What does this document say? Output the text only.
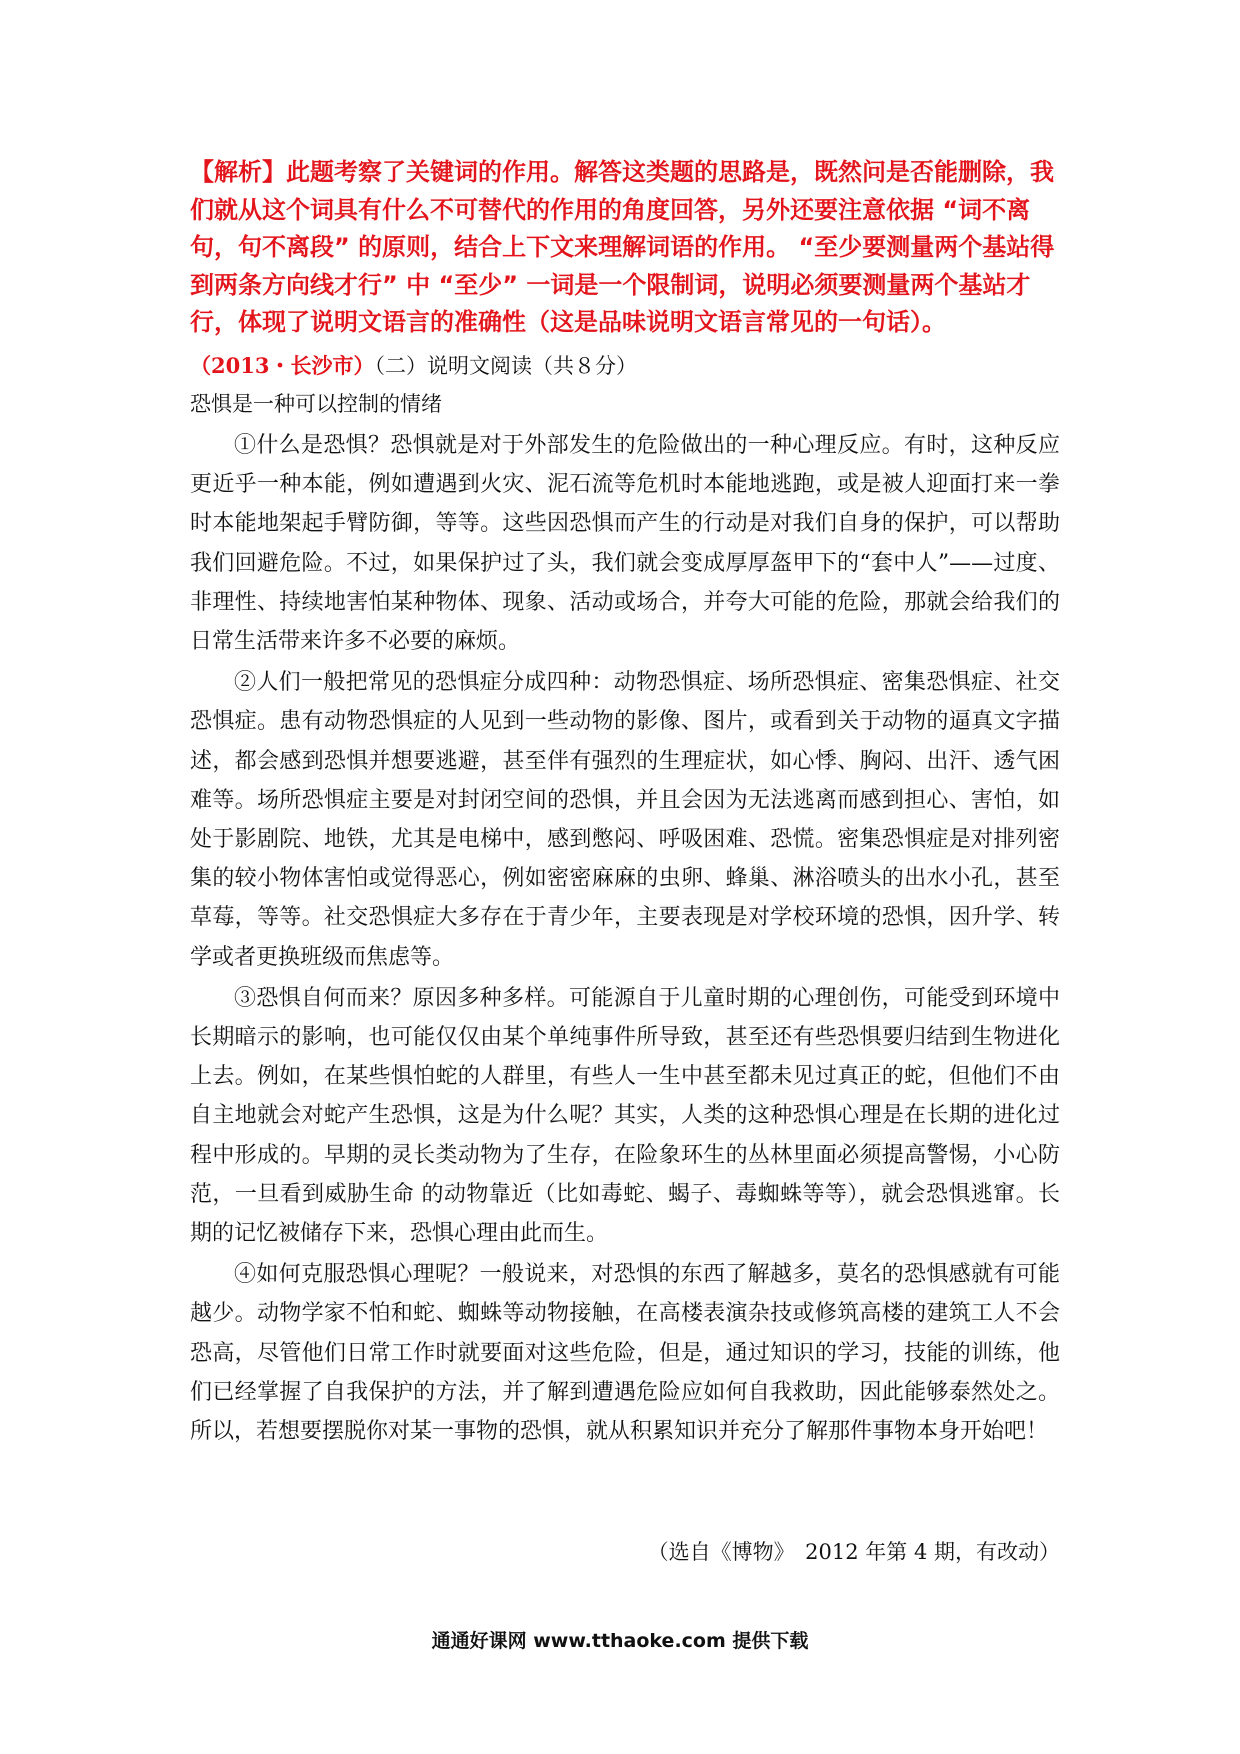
【解析】此题考察了关键词的作用。解答这类题的思路是，既然问是否能删除，我们就从这个词具有什么不可替代的作用的角度回答，另外还要注意依据 “词不离句，句不离段” 的原则，结合上下文来理解词语的作用。 “至少要测量两个基站得到两条方向线才行” 中 “至少” 一词是一个限制词，说明必须要测量两个基站才行，体现了说明文语言的准确性（这是品味说明文语言常见的一句话）。

（2013・长沙市）（二）说明文阅读（共８分）

恐惧是一种可以控制的情绪

①什么是恐惧？恐惧就是对于外部发生的危险做出的一种心理反应。有时，这种反应更近乎一种本能，例如遭遇到火灾、泥石流等危机时本能地逃跑，或是被人迎面打来一拳时本能地架起手臂防御，等等。这些因恐惧而产生的行动是对我们自身的保护，可以帮助我们回避危险。不过，如果保护过了头，我们就会变成厚厚盔甲下的“套中人”——过度、非理性、持续地害怕某种物体、现象、活动或场合，并夸大可能的危险，那就会给我们的日常生活带来许多不必要的麻烦。

②人们一般把常见的恐惧症分成四种：动物恐惧症、场所恐惧症、密集恐惧症、社交恐惧症。患有动物恐惧症的人见到一些动物的影像、图片，或看到关于动物的逼真文字描述，都会感到恐惧并想要逃避，甚至伴有强烈的生理症状，如心悸、胸闷、出汗、透气困难等。场所恐惧症主要是对封闭空间的恐惧，并且会因为无法逃离而感到担心、害怕，如处于影剧院、地铁，尤其是电梯中，感到憋闷、呼吸困难、恐慌。密集恐惧症是对排列密集的较小物体害怕或觉得恶心，例如密密麻麻的虫卵、蜂巢、淋浴喷头的出水小孔，甚至草莓，等等。社交恐惧症大多存在于青少年，主要表现是对学校环境的恐惧，因升学、转学或者更换班级而焦虑等。

③恐惧自何而来？原因多种多样。可能源自于儿童时期的心理创伤，可能受到环境中长期暗示的影响，也可能仅仅由某个单纯事件所导致，甚至还有些恐惧要归结到生物进化上去。例如，在某些惧怕蛇的人群里，有些人一生中甚至都未见过真正的蛇，但他们不由自主地就会对蛇产生恐惧，这是为什么呢？其实，人类的这种恐惧心理是在长期的进化过程中形成的。早期的灵长类动物为了生存，在险象环生的丛林里面必须提高警惕，小心防范，一旦看到威胁生命 的动物靠近（比如毒蛇、蝎子、毒蜘蛛等等），就会恐惧逃窜。长期的记忆被储存下来，恐惧心理由此而生。

④如何克服恐惧心理呢？一般说来，对恐惧的东西了解越多，莫名的恐惧感就有可能越少。动物学家不怕和蛇、蜘蛛等动物接触，在高楼表演杂技或修筑高楼的建筑工人不会恐高，尽管他们日常工作时就要面对这些危险，但是，通过知识的学习，技能的训练，他们已经掌握了自我保护的方法，并了解到遭遇危险应如何自我救助，因此能够泰然处之。所以，若想要摆脱你对某一事物的恐惧，就从积累知识并充分了解那件事物本身开始吧！

（选自《博物》　2012 年第 4 期，有改动）

通通好课网 www.tthaoke.com 提供下载
